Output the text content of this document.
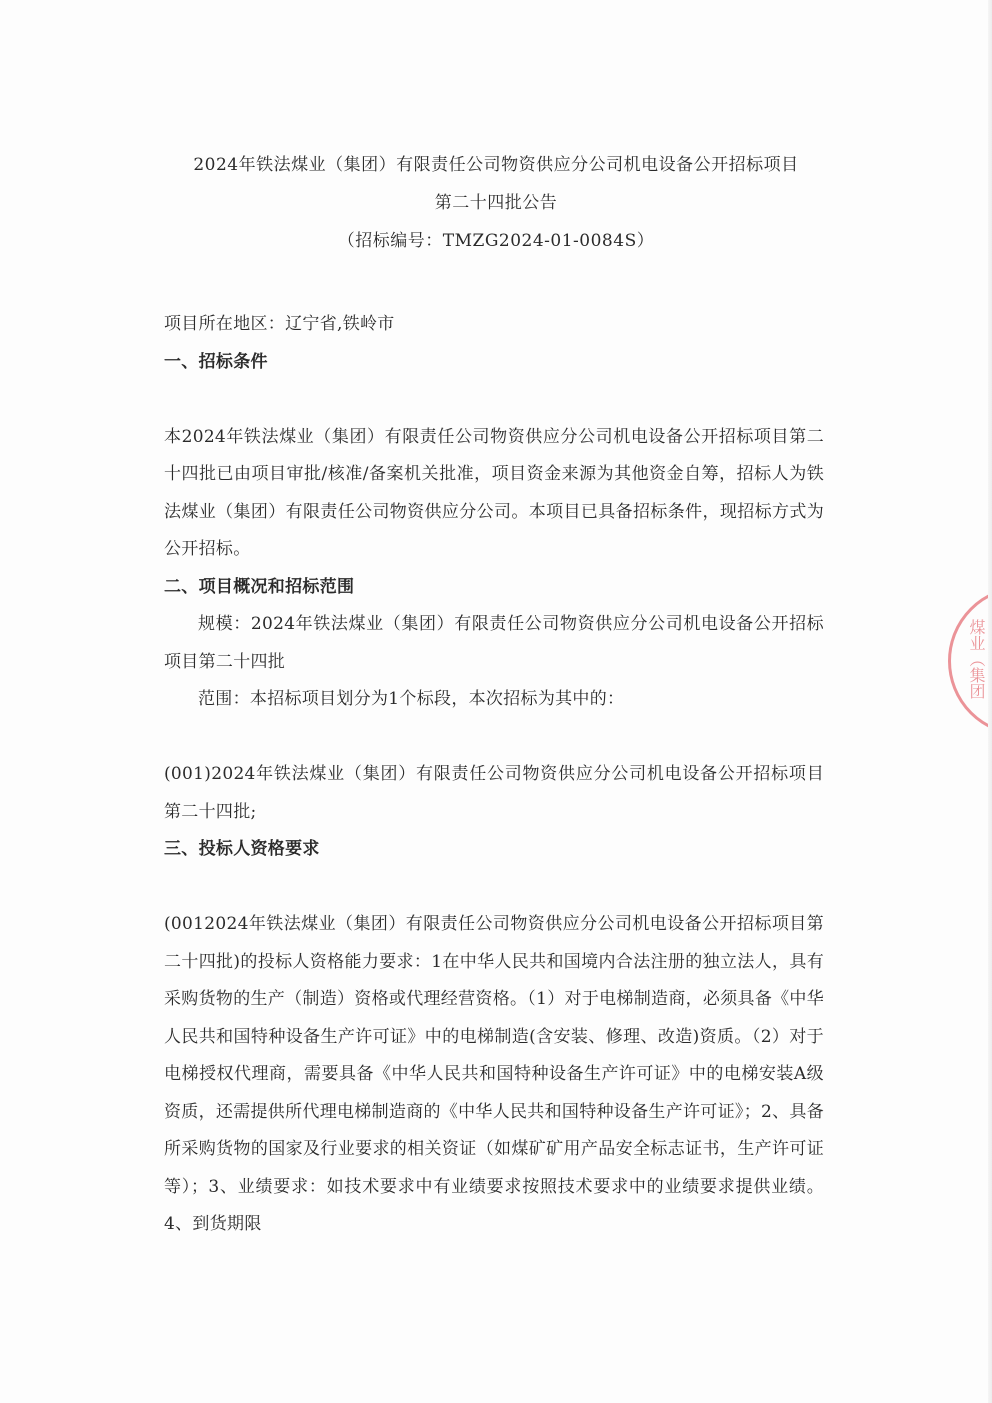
2024年铁法煤业（集团）有限责任公司物资供应分公司机电设备公开招标项目
第二十四批公告
（招标编号：TMZG2024-01-0084S）

项目所在地区：辽宁省,铁岭市

一、招标条件

本2024年铁法煤业（集团）有限责任公司物资供应分公司机电设备公开招标项目第二十四批已由项目审批/核准/备案机关批准，项目资金来源为其他资金自筹，招标人为铁法煤业（集团）有限责任公司物资供应分公司。本项目已具备招标条件，现招标方式为公开招标。

二、项目概况和招标范围

规模：2024年铁法煤业（集团）有限责任公司物资供应分公司机电设备公开招标项目第二十四批

范围：本招标项目划分为1个标段，本次招标为其中的：

(001)2024年铁法煤业（集团）有限责任公司物资供应分公司机电设备公开招标项目第二十四批;

三、投标人资格要求

(0012024年铁法煤业（集团）有限责任公司物资供应分公司机电设备公开招标项目第二十四批)的投标人资格能力要求：1在中华人民共和国境内合法注册的独立法人，具有采购货物的生产（制造）资格或代理经营资格。（1）对于电梯制造商，必须具备《中华人民共和国特种设备生产许可证》中的电梯制造(含安装、修理、改造)资质。（2）对于电梯授权代理商，需要具备《中华人民共和国特种设备生产许可证》中的电梯安装A级资质，还需提供所代理电梯制造商的《中华人民共和国特种设备生产许可证》；2、具备所采购货物的国家及行业要求的相关资证（如煤矿矿用产品安全标志证书，生产许可证等）；3、业绩要求：如技术要求中有业绩要求按照技术要求中的业绩要求提供业绩。4、到货期限

煤业（集团
